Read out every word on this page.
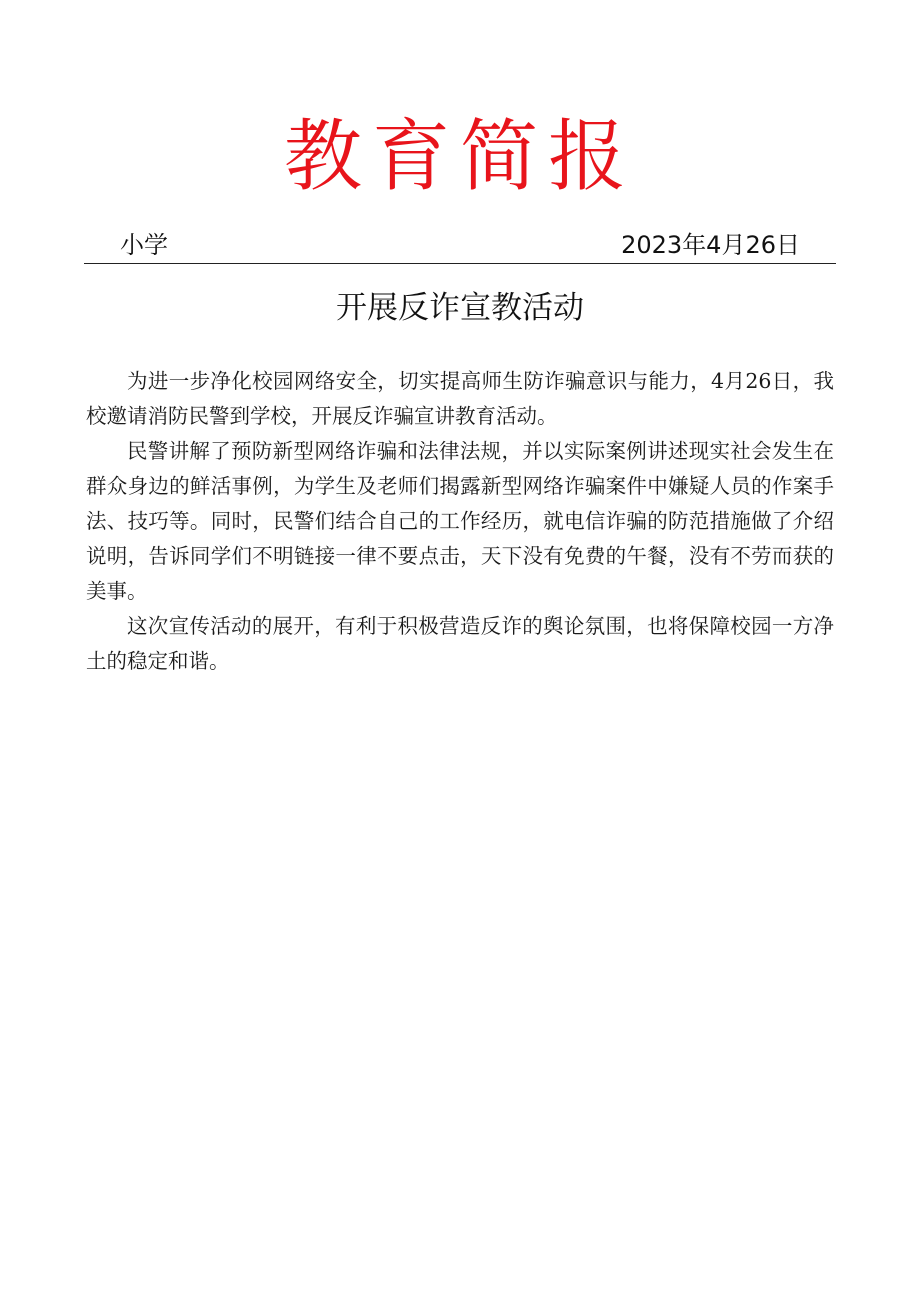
教育简报
小学	2023年4月26日
开展反诈宣教活动

为进一步净化校园网络安全，切实提高师生防诈骗意识与能力，4月26日，我校邀请消防民警到学校，开展反诈骗宣讲教育活动。

民警讲解了预防新型网络诈骗和法律法规，并以实际案例讲述现实社会发生在群众身边的鲜活事例，为学生及老师们揭露新型网络诈骗案件中嫌疑人员的作案手法、技巧等。同时，民警们结合自己的工作经历，就电信诈骗的防范措施做了介绍说明，告诉同学们不明链接一律不要点击，天下没有免费的午餐，没有不劳而获的美事。

这次宣传活动的展开，有利于积极营造反诈的舆论氛围，也将保障校园一方净土的稳定和谐。
